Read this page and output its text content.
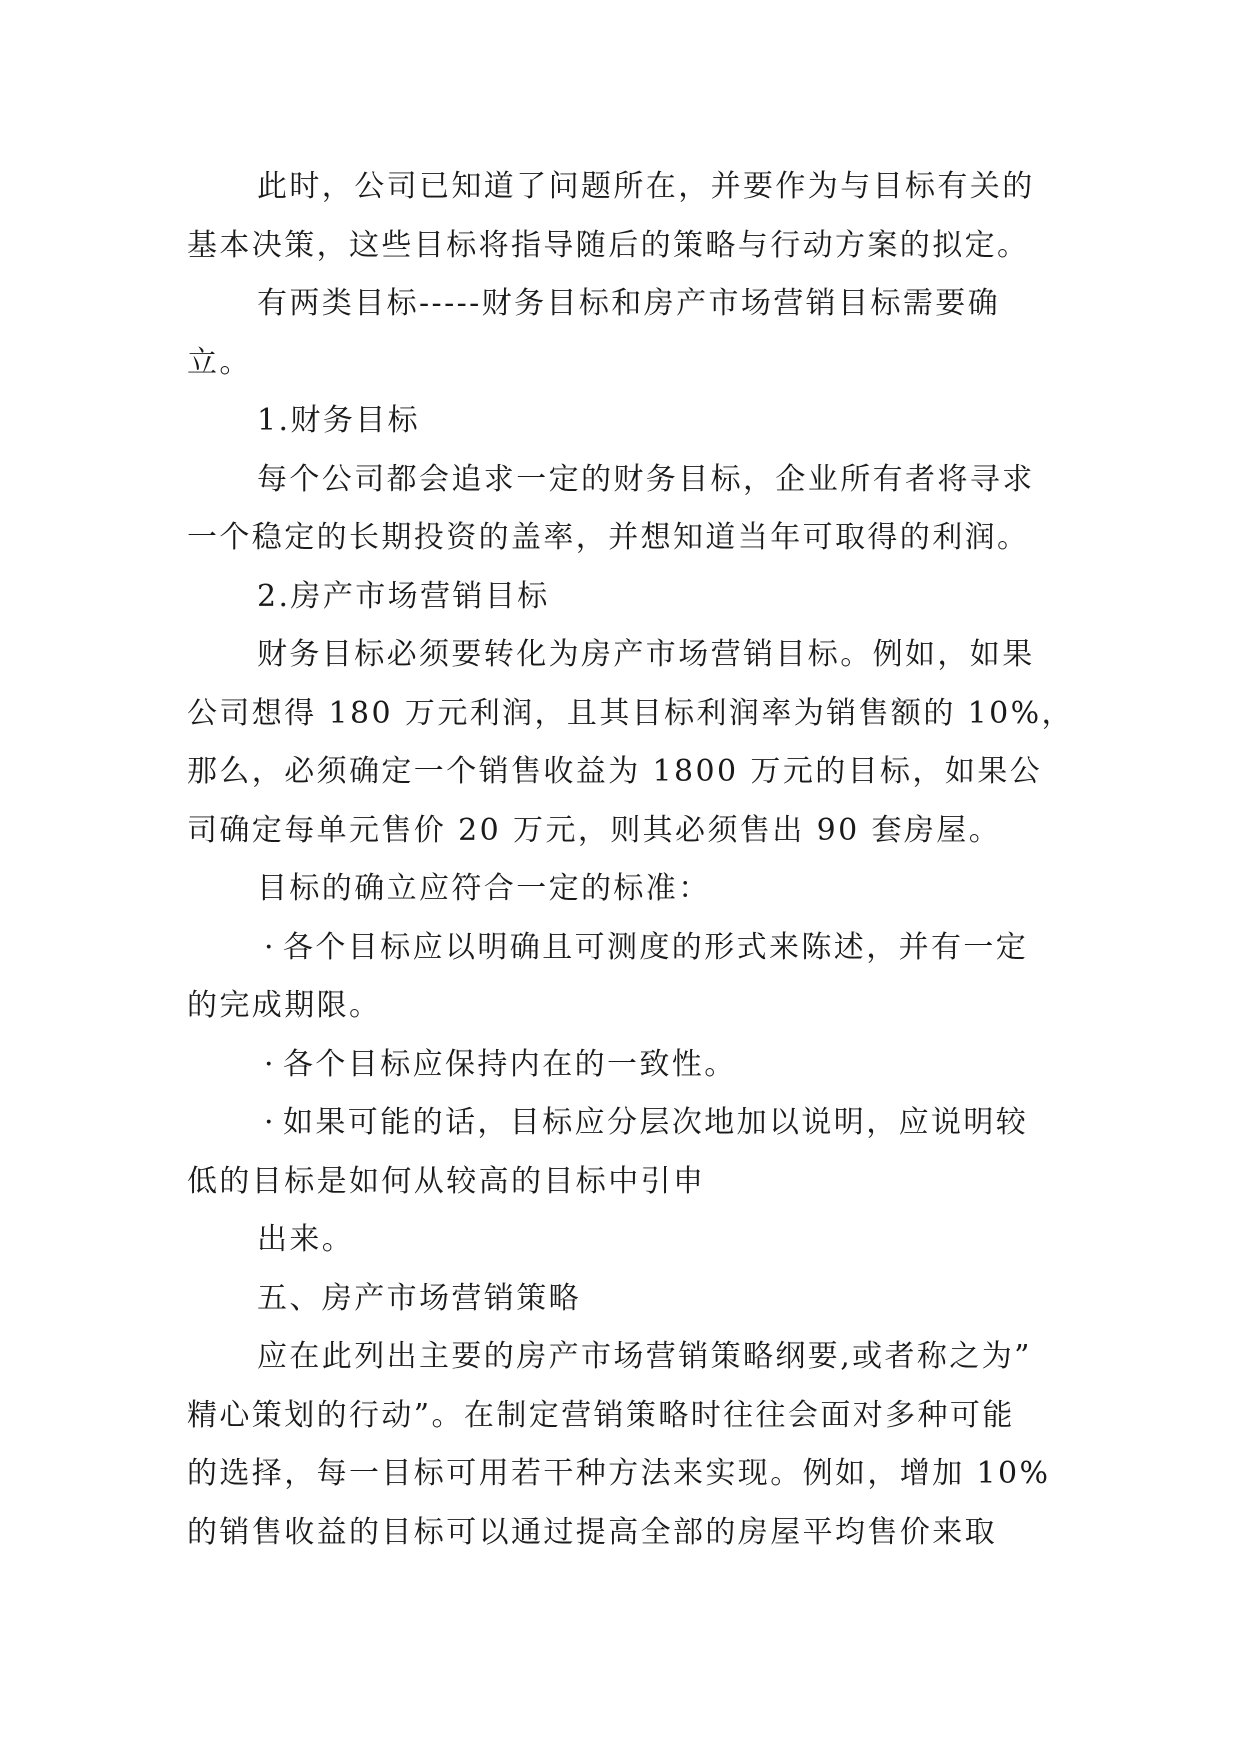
此时，公司已知道了问题所在，并要作为与目标有关的
基本决策，这些目标将指导随后的策略与行动方案的拟定。
有两类目标-----财务目标和房产市场营销目标需要确
立。
1.财务目标
每个公司都会追求一定的财务目标，企业所有者将寻求
一个稳定的长期投资的盖率，并想知道当年可取得的利润。
2.房产市场营销目标
财务目标必须要转化为房产市场营销目标。例如，如果
公司想得 180 万元利润，且其目标利润率为销售额的 10%，
那么，必须确定一个销售收益为 1800 万元的目标，如果公
司确定每单元售价 20 万元，则其必须售出 90 套房屋。
目标的确立应符合一定的标准：
· 各个目标应以明确且可测度的形式来陈述，并有一定
的完成期限。
· 各个目标应保持内在的一致性。
· 如果可能的话，目标应分层次地加以说明，应说明较
低的目标是如何从较高的目标中引申
出来。
五、房产市场营销策略
应在此列出主要的房产市场营销策略纲要,或者称之为”
精心策划的行动”。在制定营销策略时往往会面对多种可能
的选择，每一目标可用若干种方法来实现。例如，增加 10%
的销售收益的目标可以通过提高全部的房屋平均售价来取
